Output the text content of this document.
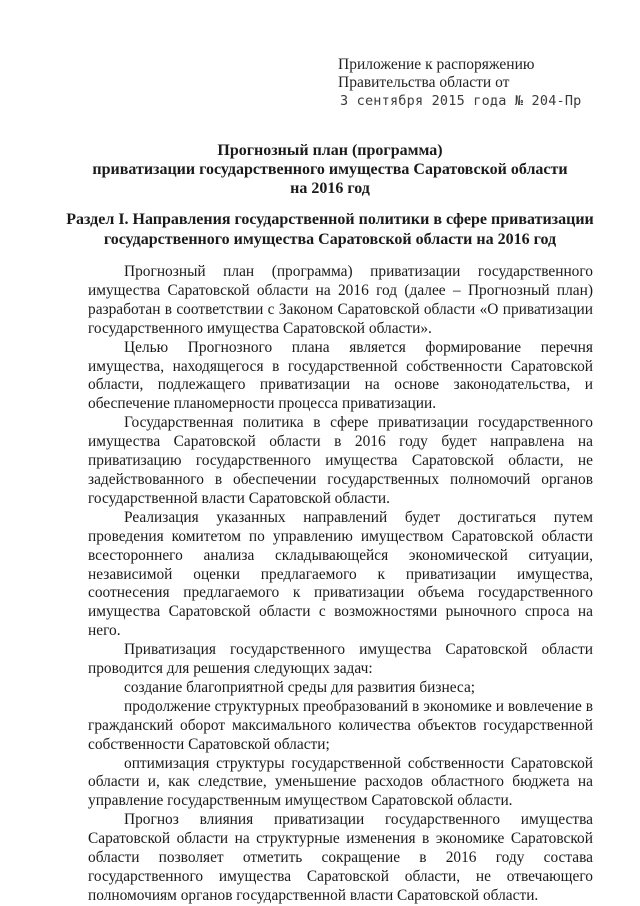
Приложение к распоряжению
Правительства области от
3 сентября 2015 года № 204-Пр
Прогнозный план (программа)
приватизации государственного имущества Саратовской области
на 2016 год
Раздел I. Направления государственной политики в сфере приватизации
государственного имущества Саратовской области на 2016 год

Прогнозный план (программа) приватизации государственного имущества Саратовской области на 2016 год (далее – Прогнозный план) разработан в соответствии с Законом Саратовской области «О приватизации государственного имущества Саратовской области».

Целью Прогнозного плана является формирование перечня имущества, находящегося в государственной собственности Саратовской области, подлежащего приватизации на основе законодательства, и обеспечение планомерности процесса приватизации.

Государственная политика в сфере приватизации государственного имущества Саратовской области в 2016 году будет направлена на приватизацию государственного имущества Саратовской области, не задействованного в обеспечении государственных полномочий органов государственной власти Саратовской области.

Реализация указанных направлений будет достигаться путем проведения комитетом по управлению имуществом Саратовской области всестороннего анализа складывающейся экономической ситуации, независимой оценки предлагаемого к приватизации имущества, соотнесения предлагаемого к приватизации объема государственного имущества Саратовской области с возможностями рыночного спроса на него.

Приватизация государственного имущества Саратовской области проводится для решения следующих задач:

создание благоприятной среды для развития бизнеса;

продолжение структурных преобразований в экономике и вовлечение в гражданский оборот максимального количества объектов государственной собственности Саратовской области;

оптимизация структуры государственной собственности Саратовской области и, как следствие, уменьшение расходов областного бюджета на управление государственным имуществом Саратовской области.

Прогноз влияния приватизации государственного имущества Саратовской области на структурные изменения в экономике Саратовской области позволяет отметить сокращение в 2016 году состава государственного имущества Саратовской области, не отвечающего полномочиям органов государственной власти Саратовской области.
